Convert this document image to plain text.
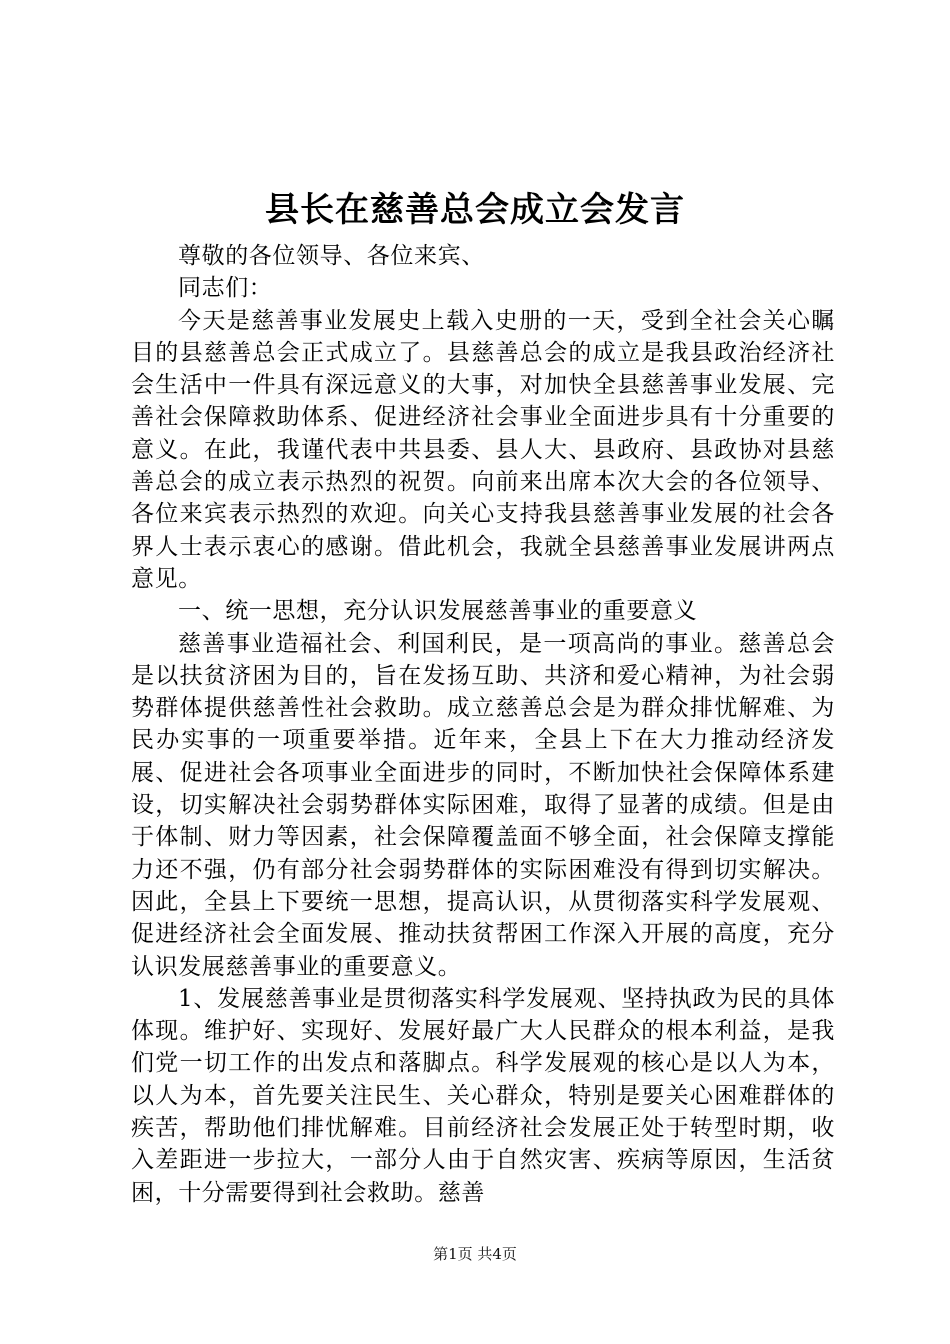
县长在慈善总会成立会发言

尊敬的各位领导、各位来宾、

同志们：

今天是慈善事业发展史上载入史册的一天，受到全社会关心瞩目的县慈善总会正式成立了。县慈善总会的成立是我县政治经济社会生活中一件具有深远意义的大事，对加快全县慈善事业发展、完善社会保障救助体系、促进经济社会事业全面进步具有十分重要的意义。在此，我谨代表中共县委、县人大、县政府、县政协对县慈善总会的成立表示热烈的祝贺。向前来出席本次大会的各位领导、各位来宾表示热烈的欢迎。向关心支持我县慈善事业发展的社会各界人士表示衷心的感谢。借此机会，我就全县慈善事业发展讲两点意见。

一、统一思想，充分认识发展慈善事业的重要意义

慈善事业造福社会、利国利民，是一项高尚的事业。慈善总会是以扶贫济困为目的，旨在发扬互助、共济和爱心精神，为社会弱势群体提供慈善性社会救助。成立慈善总会是为群众排忧解难、为民办实事的一项重要举措。近年来，全县上下在大力推动经济发展、促进社会各项事业全面进步的同时，不断加快社会保障体系建设，切实解决社会弱势群体实际困难，取得了显著的成绩。但是由于体制、财力等因素，社会保障覆盖面不够全面，社会保障支撑能力还不强，仍有部分社会弱势群体的实际困难没有得到切实解决。因此，全县上下要统一思想，提高认识，从贯彻落实科学发展观、促进经济社会全面发展、推动扶贫帮困工作深入开展的高度，充分认识发展慈善事业的重要意义。

1、发展慈善事业是贯彻落实科学发展观、坚持执政为民的具体体现。维护好、实现好、发展好最广大人民群众的根本利益，是我们党一切工作的出发点和落脚点。科学发展观的核心是以人为本，以人为本，首先要关注民生、关心群众，特别是要关心困难群体的疾苦，帮助他们排忧解难。目前经济社会发展正处于转型时期，收入差距进一步拉大，一部分人由于自然灾害、疾病等原因，生活贫困，十分需要得到社会救助。慈善

第1页 共4页
